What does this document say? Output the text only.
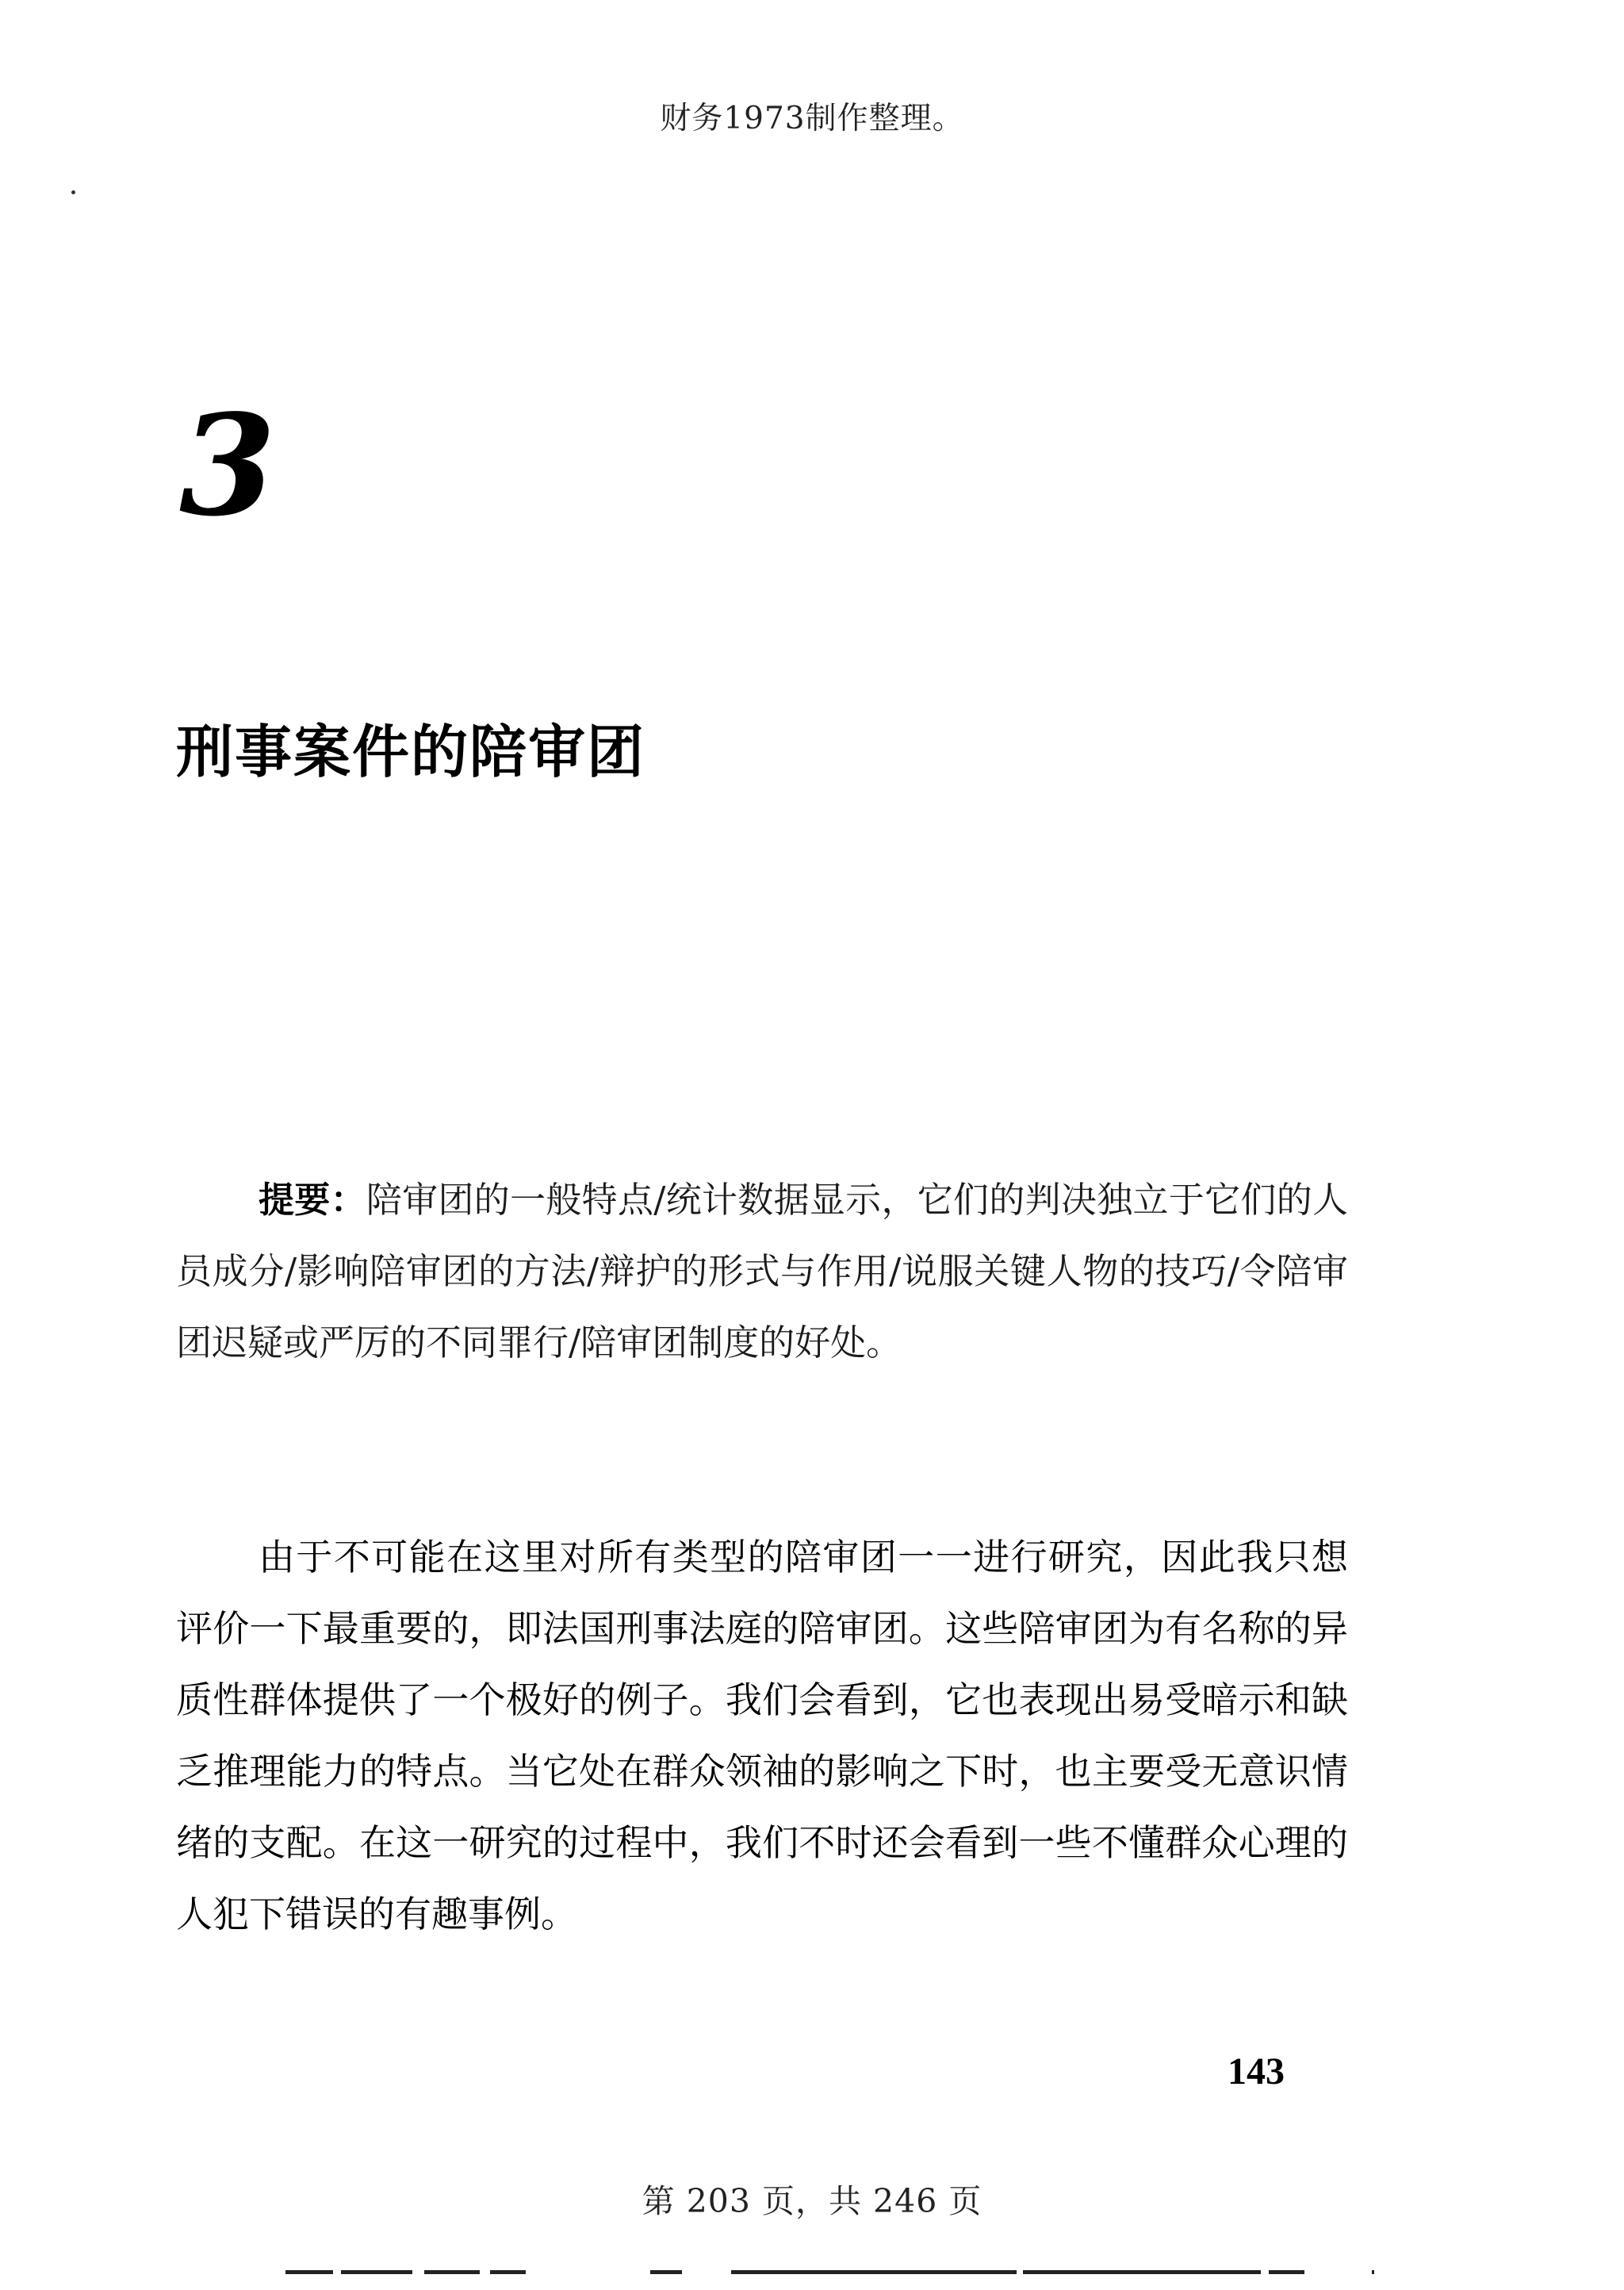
财务1973制作整理。
3
刑事案件的陪审团
提要：陪审团的一般特点/统计数据显示，它们的判决独立于它们的人员成分/影响陪审团的方法/辩护的形式与作用/说服关键人物的技巧/令陪审团迟疑或严厉的不同罪行/陪审团制度的好处。
由于不可能在这里对所有类型的陪审团一一进行研究，因此我只想评价一下最重要的，即法国刑事法庭的陪审团。这些陪审团为有名称的异质性群体提供了一个极好的例子。我们会看到，它也表现出易受暗示和缺乏推理能力的特点。当它处在群众领袖的影响之下时，也主要受无意识情绪的支配。在这一研究的过程中，我们不时还会看到一些不懂群众心理的人犯下错误的有趣事例。
143
第 203 页，共 246 页
